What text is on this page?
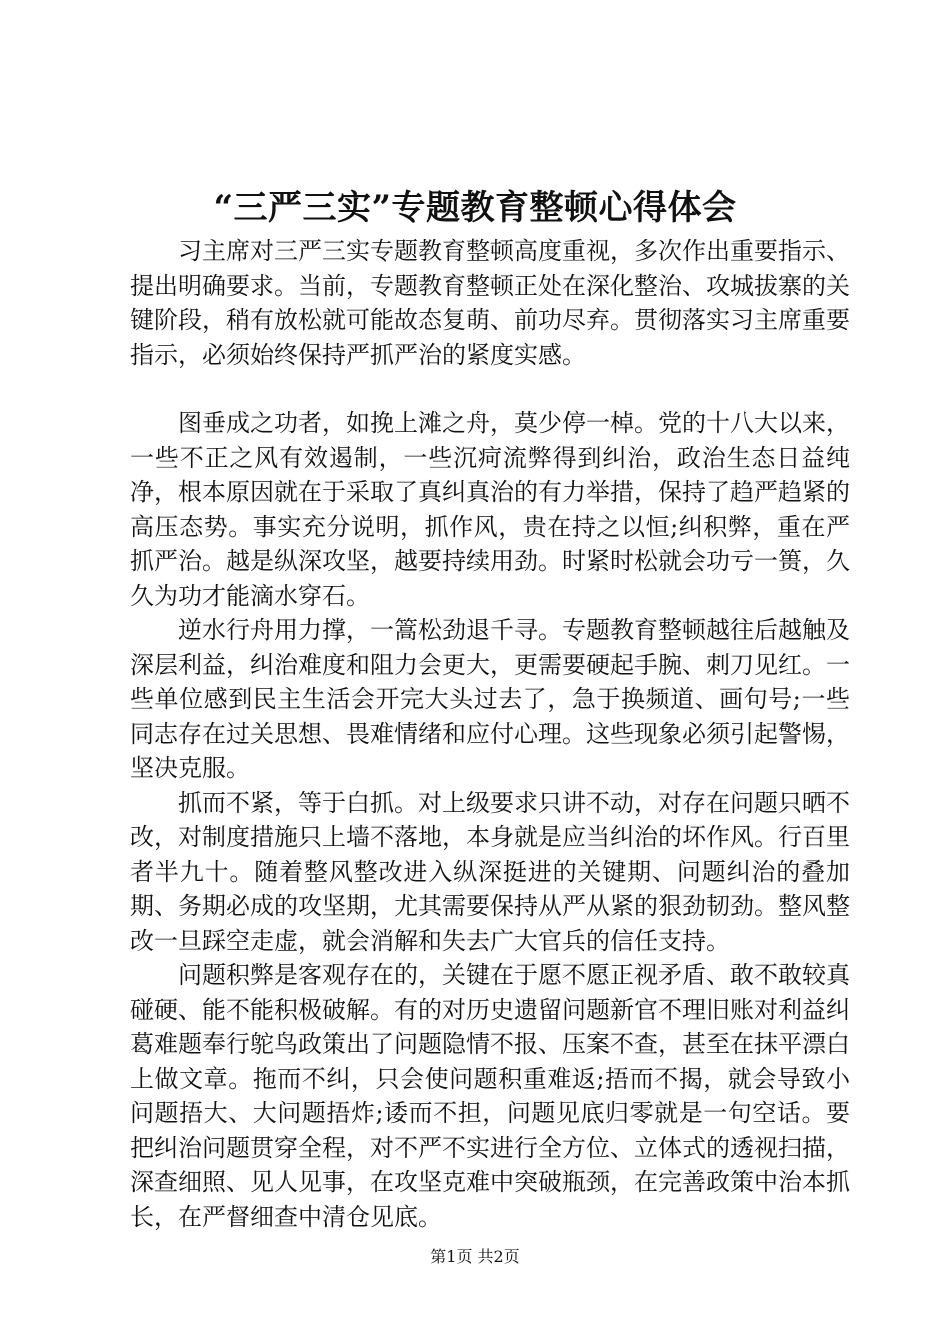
“三严三实”专题教育整顿心得体会

习主席对三严三实专题教育整顿高度重视，多次作出重要指示、提出明确要求。当前，专题教育整顿正处在深化整治、攻城拔寨的关键阶段，稍有放松就可能故态复萌、前功尽弃。贯彻落实习主席重要指示，必须始终保持严抓严治的紧度实感。

图垂成之功者，如挽上滩之舟，莫少停一棹。党的十八大以来，一些不正之风有效遏制，一些沉疴流弊得到纠治，政治生态日益纯净，根本原因就在于采取了真纠真治的有力举措，保持了趋严趋紧的高压态势。事实充分说明，抓作风，贵在持之以恒;纠积弊，重在严抓严治。越是纵深攻坚，越要持续用劲。时紧时松就会功亏一篑，久久为功才能滴水穿石。

逆水行舟用力撑，一篙松劲退千寻。专题教育整顿越往后越触及深层利益，纠治难度和阻力会更大，更需要硬起手腕、刺刀见红。一些单位感到民主生活会开完大头过去了，急于换频道、画句号;一些同志存在过关思想、畏难情绪和应付心理。这些现象必须引起警惕，坚决克服。

抓而不紧，等于白抓。对上级要求只讲不动，对存在问题只晒不改，对制度措施只上墙不落地，本身就是应当纠治的坏作风。行百里者半九十。随着整风整改进入纵深挺进的关键期、问题纠治的叠加期、务期必成的攻坚期，尤其需要保持从严从紧的狠劲韧劲。整风整改一旦踩空走虚，就会消解和失去广大官兵的信任支持。

问题积弊是客观存在的，关键在于愿不愿正视矛盾、敢不敢较真碰硬、能不能积极破解。有的对历史遗留问题新官不理旧账对利益纠葛难题奉行鸵鸟政策出了问题隐情不报、压案不查，甚至在抹平漂白上做文章。拖而不纠，只会使问题积重难返;捂而不揭，就会导致小问题捂大、大问题捂炸;诿而不担，问题见底归零就是一句空话。要把纠治问题贯穿全程，对不严不实进行全方位、立体式的透视扫描，深查细照、见人见事，在攻坚克难中突破瓶颈，在完善政策中治本抓长，在严督细查中清仓见底。

第1页 共2页
